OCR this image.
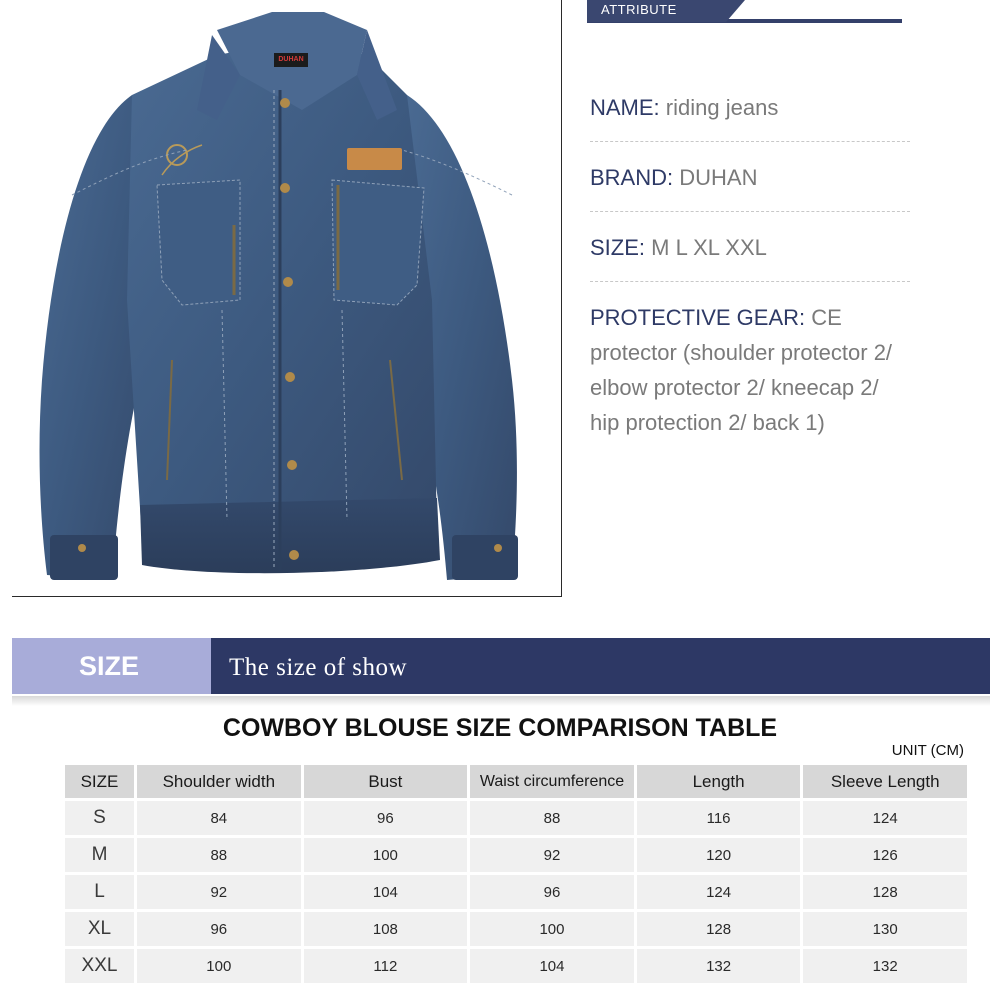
DUHAN
ATTRIBUTE
NAME: riding jeans
BRAND: DUHAN
SIZE: M L XL XXL
PROTECTIVE GEAR: CE protector (shoulder protector 2/ elbow protector 2/ kneecap 2/ hip protection 2/ back 1)
SIZE	The size of show
COWBOY BLOUSE SIZE COMPARISON TABLE
UNIT (CM)
SIZE	Shoulder width	Bust	Waist circumference	Length	Sleeve Length
S	84	96	88	116	124
M	88	100	92	120	126
L	92	104	96	124	128
XL	96	108	100	128	130
XXL	100	112	104	132	132
